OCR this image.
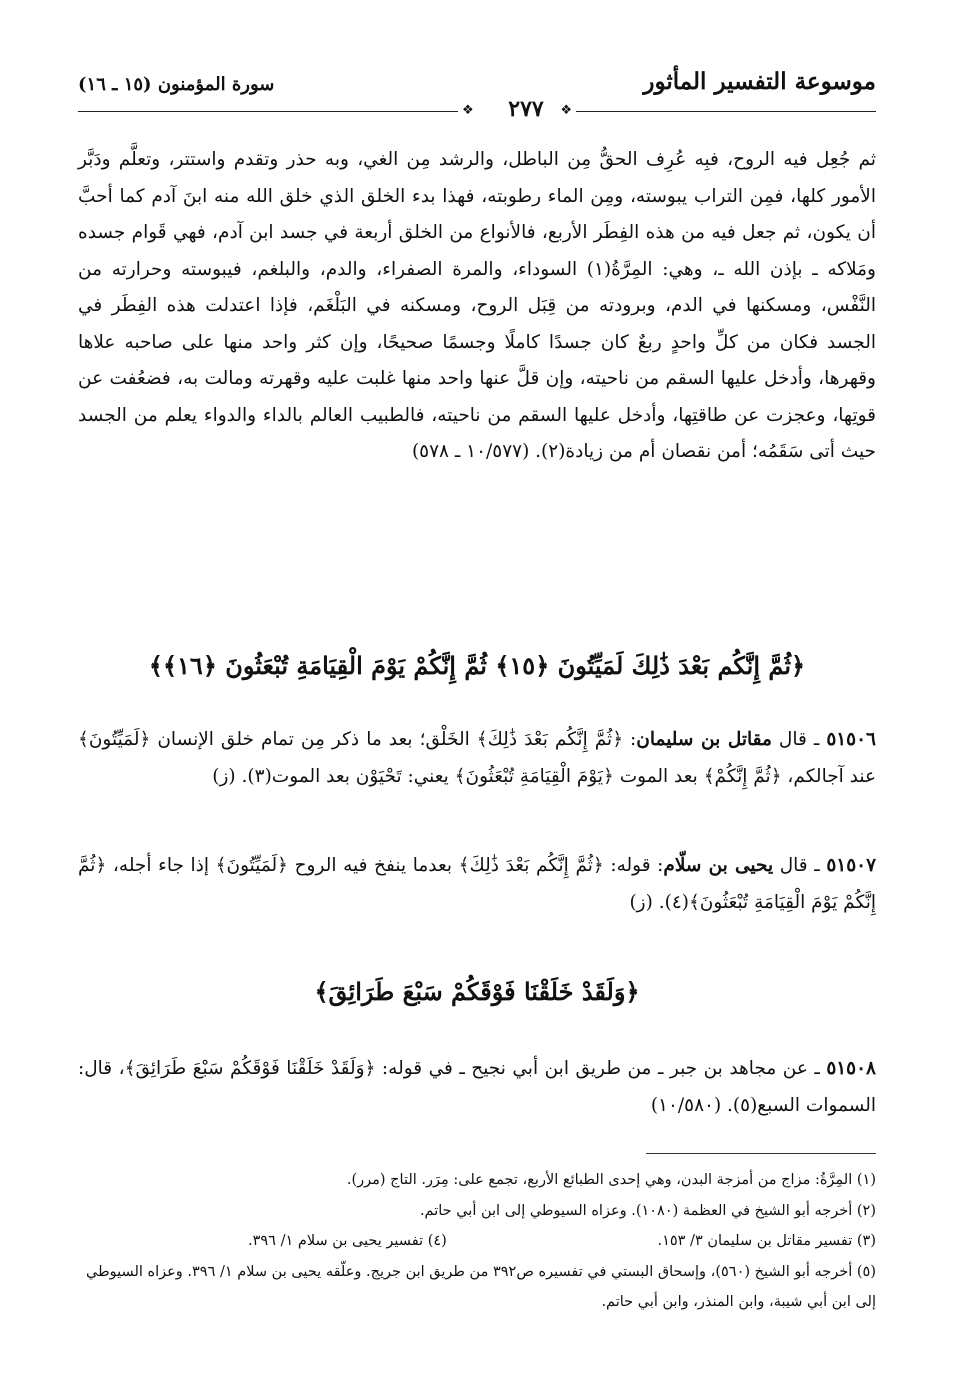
موسوعة التفسير المأثور
سورة المؤمنون (١٥ ـ ١٦)
❖
❖	٢٧٧
ثم جُعِل فيه الروح، فبِه عُرِف الحقُّ مِن الباطل، والرشد مِن الغي، وبه حذر وتقدم واستتر، وتعلَّم ودَبَّر الأمور كلها، فمِن التراب يبوسته، ومِن الماء رطوبته، فهذا بدء الخلق الذي خلق الله منه ابنَ آدم كما أحبَّ أن يكون، ثم جعل فيه من هذه الفِطَر الأربع، فالأنواع من الخلق أربعة في جسد ابن آدم، فهي قَوام جسده ومَلاكه ـ بإذن الله ـ، وهي: المِرَّةُ(١) السوداء، والمرة الصفراء، والدم، والبلغم، فيبوسته وحرارته من النَّفْس، ومسكنها في الدم، وبرودته من قِبَل الروح، ومسكنه في البَلْغَم، فإذا اعتدلت هذه الفِطَر في الجسد فكان من كلِّ واحدٍ ربعٌ كان جسدًا كاملًا وجسمًا صحيحًا، وإن كثر واحد منها على صاحبه علاها وقهرها، وأدخل عليها السقم من ناحيته، وإن قلَّ عنها واحد منها غلبت عليه وقهرته ومالت به، فضعُفت عن قوتِها، وعجزت عن طاقتِها، وأدخل عليها السقم من ناحيته، فالطبيب العالم بالداء والدواء يعلم من الجسد حيث أتى سَقَمُه؛ أمن نقصان أم من زيادة(٢). (١٠/٥٧٧ ـ ٥٧٨)
﴿ثُمَّ إِنَّكُم بَعْدَ ذَٰلِكَ لَمَيِّتُونَ ﴿١٥﴾ ثُمَّ إِنَّكُمْ يَوْمَ الْقِيَامَةِ تُبْعَثُونَ ﴿١٦﴾﴾
٥١٥٠٦ ـ قال مقاتل بن سليمان: ﴿ثُمَّ إِنَّكُم بَعْدَ ذَٰلِكَ﴾ الخَلْق؛ بعد ما ذكر مِن تمام خلق الإنسان ﴿لَمَيِّتُونَ﴾ عند آجالكم، ﴿ثُمَّ إِنَّكُمْ﴾ بعد الموت ﴿يَوْمَ الْقِيَامَةِ تُبْعَثُونَ﴾ يعني: تَحْيَوْن بعد الموت(٣). (ز)
٥١٥٠٧ ـ قال يحيى بن سلّام: قوله: ﴿ثُمَّ إِنَّكُم بَعْدَ ذَٰلِكَ﴾ بعدما ينفخ فيه الروح ﴿لَمَيِّتُونَ﴾ إذا جاء أجله، ﴿ثُمَّ إِنَّكُمْ يَوْمَ الْقِيَامَةِ تُبْعَثُونَ﴾(٤). (ز)
﴿وَلَقَدْ خَلَقْنَا فَوْقَكُمْ سَبْعَ طَرَائِقَ﴾
٥١٥٠٨ ـ عن مجاهد بن جبر ـ من طريق ابن أبي نجيح ـ في قوله: ﴿وَلَقَدْ خَلَقْنَا فَوْقَكُمْ سَبْعَ طَرَائِقَ﴾، قال: السموات السبع(٥). (١٠/٥٨٠)
(١) المِرَّةُ: مزاج من أمزجة البدن، وهي إحدى الطبائع الأربع، تجمع على: مِرَر. التاج (مرر).
(٢) أخرجه أبو الشيخ في العظمة (١٠٨٠). وعزاه السيوطي إلى ابن أبي حاتم.
(٣) تفسير مقاتل بن سليمان ٣/ ١٥٣.
(٤) تفسير يحيى بن سلام ١/ ٣٩٦.
(٥) أخرجه أبو الشيخ (٥٦٠)، وإسحاق البستي في تفسيره ص٣٩٢ من طريق ابن جريج. وعلّقه يحيى بن سلام ١/ ٣٩٦. وعزاه السيوطي إلى ابن أبي شيبة، وابن المنذر، وابن أبي حاتم.
